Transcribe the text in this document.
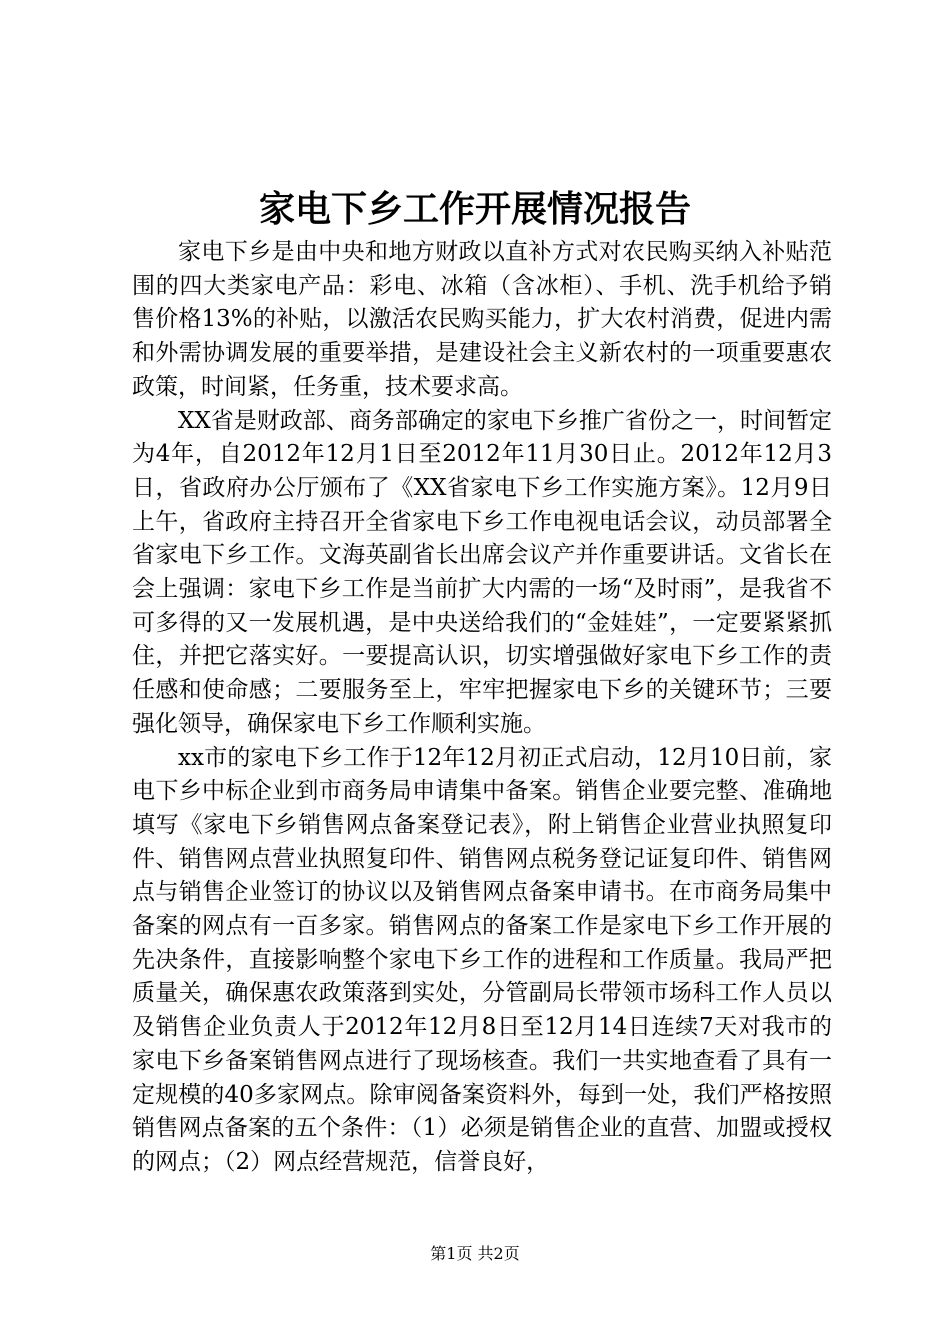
家电下乡工作开展情况报告

家电下乡是由中央和地方财政以直补方式对农民购买纳入补贴范围的四大类家电产品：彩电、冰箱（含冰柜）、手机、洗手机给予销售价格13%的补贴，以激活农民购买能力，扩大农村消费，促进内需和外需协调发展的重要举措，是建设社会主义新农村的一项重要惠农政策，时间紧，任务重，技术要求高。

XX省是财政部、商务部确定的家电下乡推广省份之一，时间暂定为4年，自2012年12月1日至2012年11月30日止。2012年12月3日，省政府办公厅颁布了《XX省家电下乡工作实施方案》。12月9日上午，省政府主持召开全省家电下乡工作电视电话会议，动员部署全省家电下乡工作。文海英副省长出席会议产并作重要讲话。文省长在会上强调：家电下乡工作是当前扩大内需的一场“及时雨”，是我省不可多得的又一发展机遇，是中央送给我们的“金娃娃”，一定要紧紧抓住，并把它落实好。一要提高认识，切实增强做好家电下乡工作的责任感和使命感；二要服务至上，牢牢把握家电下乡的关键环节；三要强化领导，确保家电下乡工作顺利实施。

xx市的家电下乡工作于12年12月初正式启动，12月10日前，家电下乡中标企业到市商务局申请集中备案。销售企业要完整、准确地填写《家电下乡销售网点备案登记表》，附上销售企业营业执照复印件、销售网点营业执照复印件、销售网点税务登记证复印件、销售网点与销售企业签订的协议以及销售网点备案申请书。在市商务局集中备案的网点有一百多家。销售网点的备案工作是家电下乡工作开展的先决条件，直接影响整个家电下乡工作的进程和工作质量。我局严把质量关，确保惠农政策落到实处，分管副局长带领市场科工作人员以及销售企业负责人于2012年12月8日至12月14日连续7天对我市的家电下乡备案销售网点进行了现场核查。我们一共实地查看了具有一定规模的40多家网点。除审阅备案资料外，每到一处，我们严格按照销售网点备案的五个条件：（1）必须是销售企业的直营、加盟或授权的网点；（2）网点经营规范，信誉良好，

第1页 共2页
